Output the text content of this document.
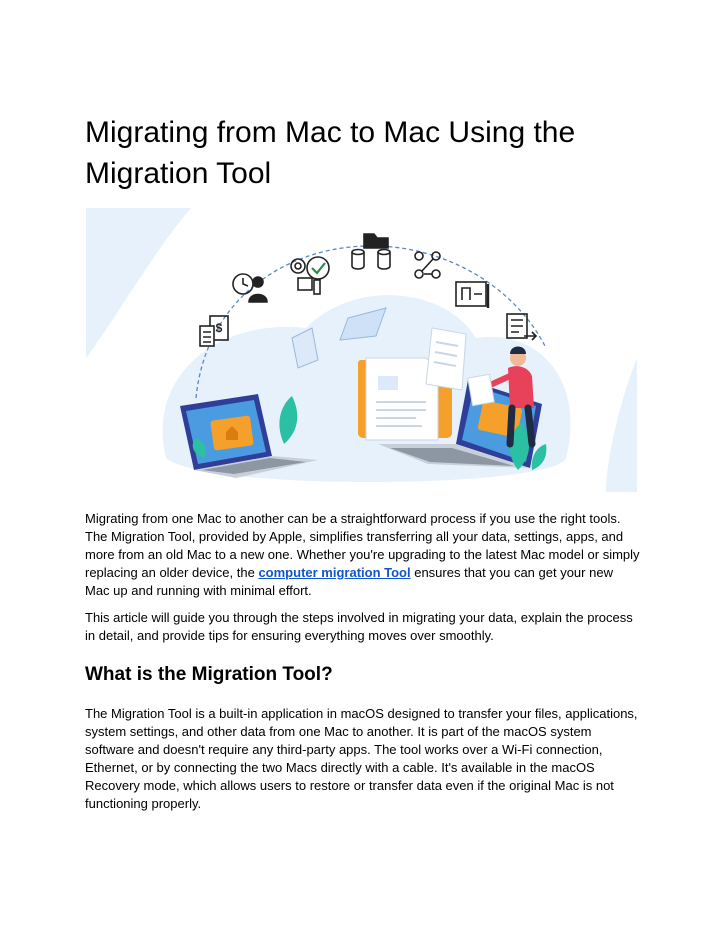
Migrating from Mac to Mac Using the
Migration Tool
$

Migrating from one Mac to another can be a straightforward process if you use the right tools. The Migration Tool, provided by Apple, simplifies transferring all your data, settings, apps, and more from an old Mac to a new one. Whether you're upgrading to the latest Mac model or simply replacing an older device, the computer migration Tool ensures that you can get your new Mac up and running with minimal effort.

This article will guide you through the steps involved in migrating your data, explain the process in detail, and provide tips for ensuring everything moves over smoothly.

What is the Migration Tool?

The Migration Tool is a built-in application in macOS designed to transfer your files, applications, system settings, and other data from one Mac to another. It is part of the macOS system software and doesn't require any third-party apps. The tool works over a Wi-Fi connection, Ethernet, or by connecting the two Macs directly with a cable. It's available in the macOS Recovery mode, which allows users to restore or transfer data even if the original Mac is not functioning properly.
